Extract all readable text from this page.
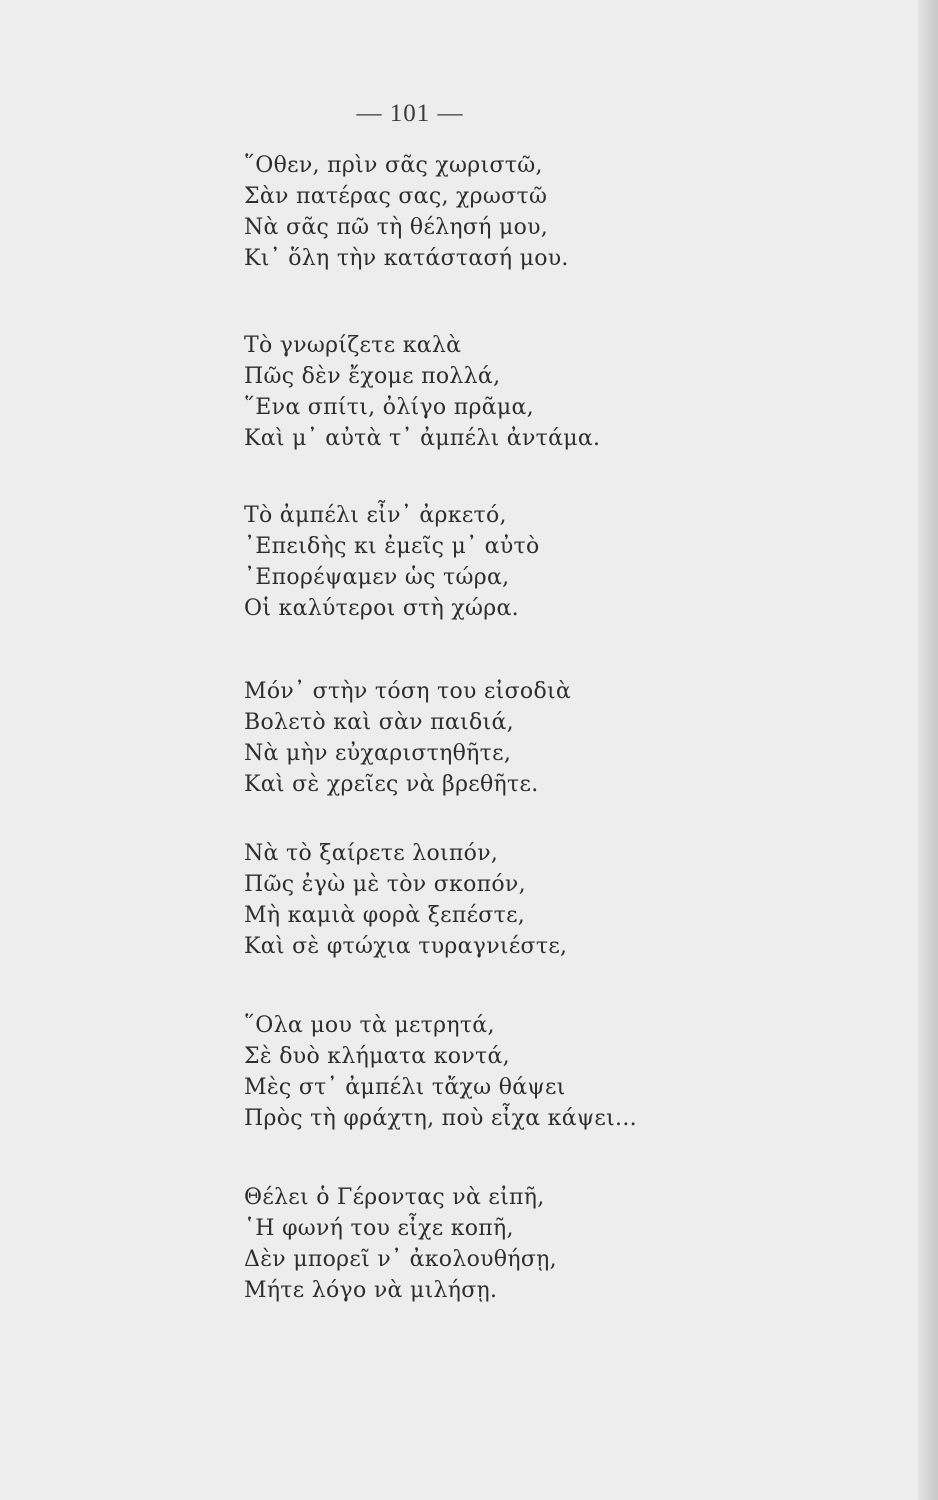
— 101 —
῞Οθεν, πρὶν σᾶς χωριστῶ,
Σὰν πατέρας σας, χρωστῶ
Νὰ σᾶς πῶ τὴ θέλησή μου,
Κι᾿ ὅλη τὴν κατάστασή μου.
Τὸ γνωρίζετε καλὰ
Πῶς δὲν ἔχομε πολλά,
῞Ενα σπίτι, ὀλίγο πρᾶμα,
Καὶ μ᾿ αὐτὰ τ᾿ ἀμπέλι ἀντάμα.
Τὸ ἀμπέλι εἶν᾿ ἀρκετό,
᾿Επειδὴς κι ἐμεῖς μ᾿ αὐτὸ
᾿Επορέψαμεν ὡς τώρα,
Οἱ καλύτεροι στὴ χώρα.
Μόν᾿ στὴν τόση του εἰσοδιὰ
Βολετὸ καὶ σὰν παιδιά,
Νὰ μὴν εὐχαριστηθῆτε,
Καὶ σὲ χρεῖες νὰ βρεθῆτε.
Νὰ τὸ ξαίρετε λοιπόν,
Πῶς ἐγὼ μὲ τὸν σκοπόν,
Μὴ καμιὰ φορὰ ξεπέστε,
Καὶ σὲ φτώχια τυραγνιέστε,
῞Ολα μου τὰ μετρητά,
Σὲ δυὸ κλήματα κοντά,
Μὲς στ᾿ ἀμπέλι τἄχω θάψει
Πρὸς τὴ φράχτη, ποὺ εἶχα κάψει...
Θέλει ὁ Γέροντας νὰ εἰπῆ,
῾Η φωνή του εἶχε κοπῆ,
Δὲν μπορεῖ ν᾿ ἀκολουθήσῃ,
Μήτε λόγο νὰ μιλήσῃ.
